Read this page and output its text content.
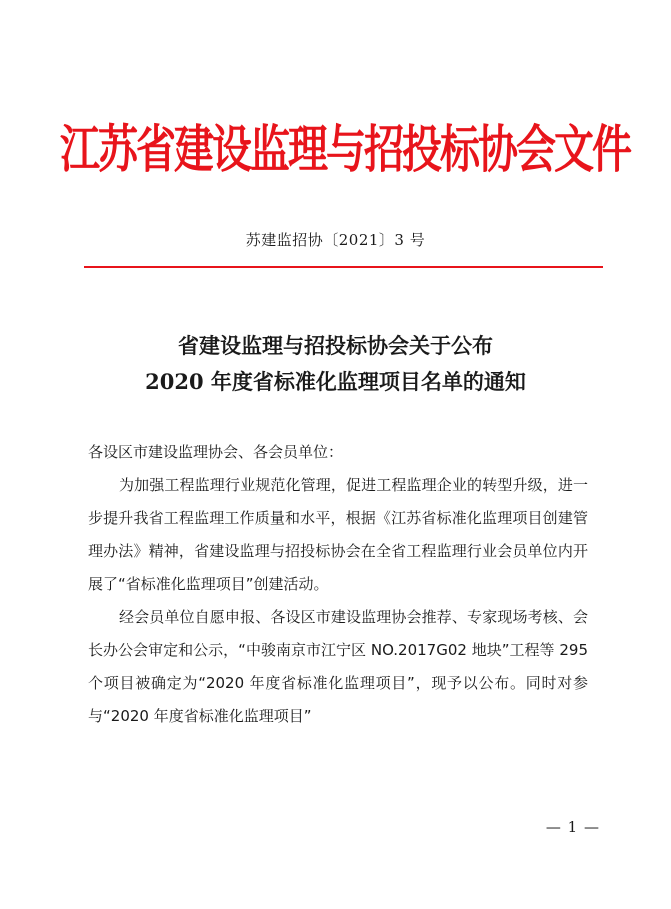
江苏省建设监理与招投标协会文件
苏建监招协〔2021〕3 号
省建设监理与招投标协会关于公布
2020 年度省标准化监理项目名单的通知

各设区市建设监理协会、各会员单位：

为加强工程监理行业规范化管理，促进工程监理企业的转型升级，进一步提升我省工程监理工作质量和水平，根据《江苏省标准化监理项目创建管理办法》精神，省建设监理与招投标协会在全省工程监理行业会员单位内开展了“省标准化监理项目”创建活动。

经会员单位自愿申报、各设区市建设监理协会推荐、专家现场考核、会长办公会审定和公示，“中骏南京市江宁区 NO.2017G02 地块”工程等 295 个项目被确定为“2020 年度省标准化监理项目”，现予以公布。同时对参与“2020 年度省标准化监理项目”

— 1 —
